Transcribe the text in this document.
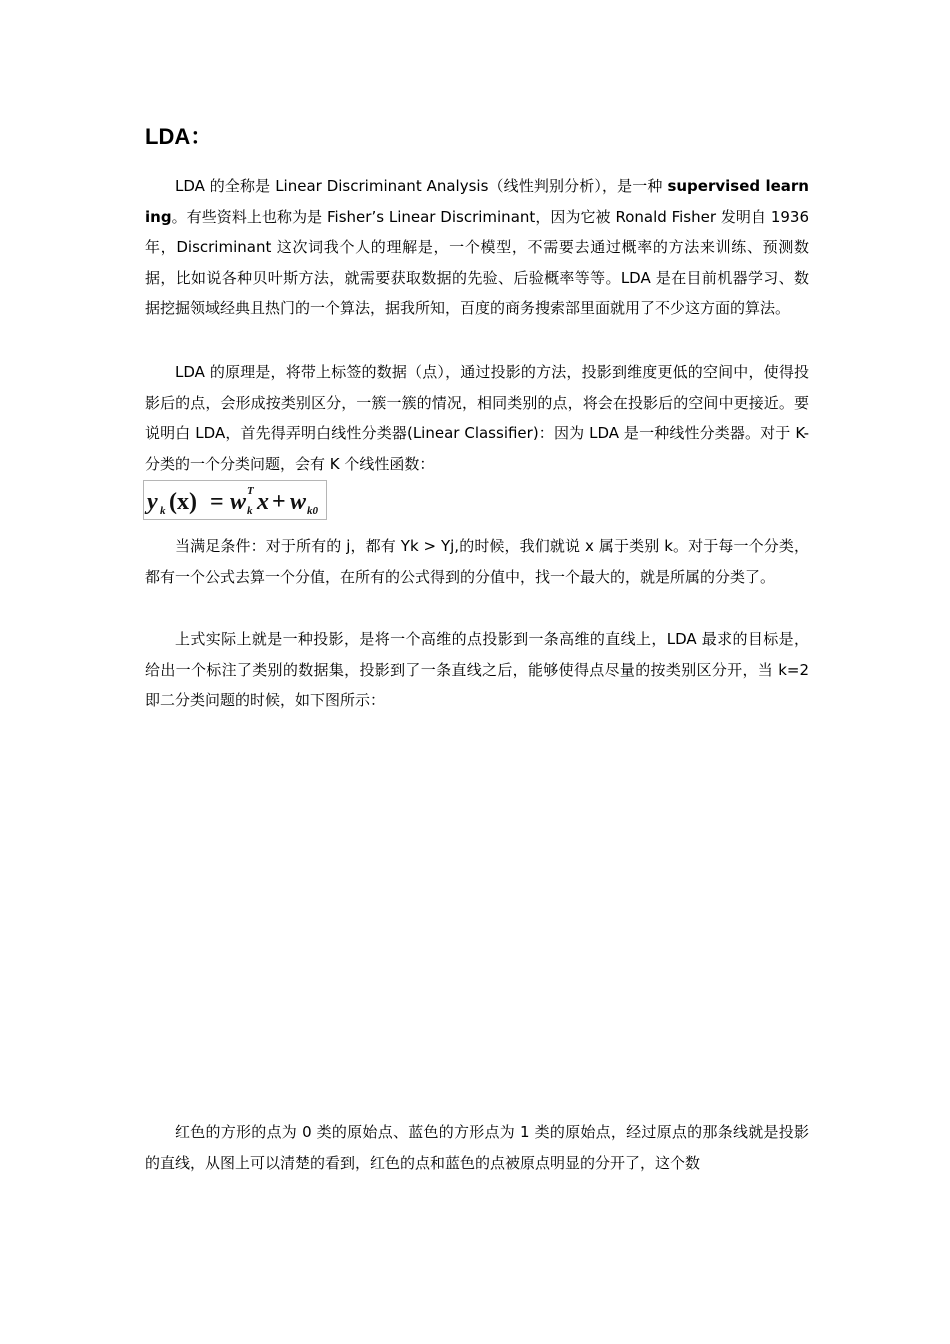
LDA：

LDA 的全称是 Linear Discriminant Analysis（线性判别分析），是一种 supervised learning。有些资料上也称为是 Fisher’s Linear Discriminant，因为它被 Ronald Fisher 发明自 1936 年，Discriminant 这次词我个人的理解是，一个模型，不需要去通过概率的方法来训练、预测数据，比如说各种贝叶斯方法，就需要获取数据的先验、后验概率等等。LDA 是在目前机器学习、数据挖掘领域经典且热门的一个算法，据我所知，百度的商务搜索部里面就用了不少这方面的算法。

LDA 的原理是，将带上标签的数据（点），通过投影的方法，投影到维度更低的空间中，使得投影后的点，会形成按类别区分，一簇一簇的情况，相同类别的点，将会在投影后的空间中更接近。要说明白 LDA，首先得弄明白线性分类器(Linear Classifier)：因为 LDA 是一种线性分类器。对于 K-分类的一个分类问题，会有 K 个线性函数：

y k (x) = w T
k x + w k0

当满足条件：对于所有的 j，都有 Yk > Yj,的时候，我们就说 x 属于类别 k。对于每一个分类，都有一个公式去算一个分值，在所有的公式得到的分值中，找一个最大的，就是所属的分类了。

上式实际上就是一种投影，是将一个高维的点投影到一条高维的直线上，LDA 最求的目标是，给出一个标注了类别的数据集，投影到了一条直线之后，能够使得点尽量的按类别区分开，当 k=2 即二分类问题的时候，如下图所示：

红色的方形的点为 0 类的原始点、蓝色的方形点为 1 类的原始点，经过原点的那条线就是投影的直线，从图上可以清楚的看到，红色的点和蓝色的点被原点明显的分开了，这个数
